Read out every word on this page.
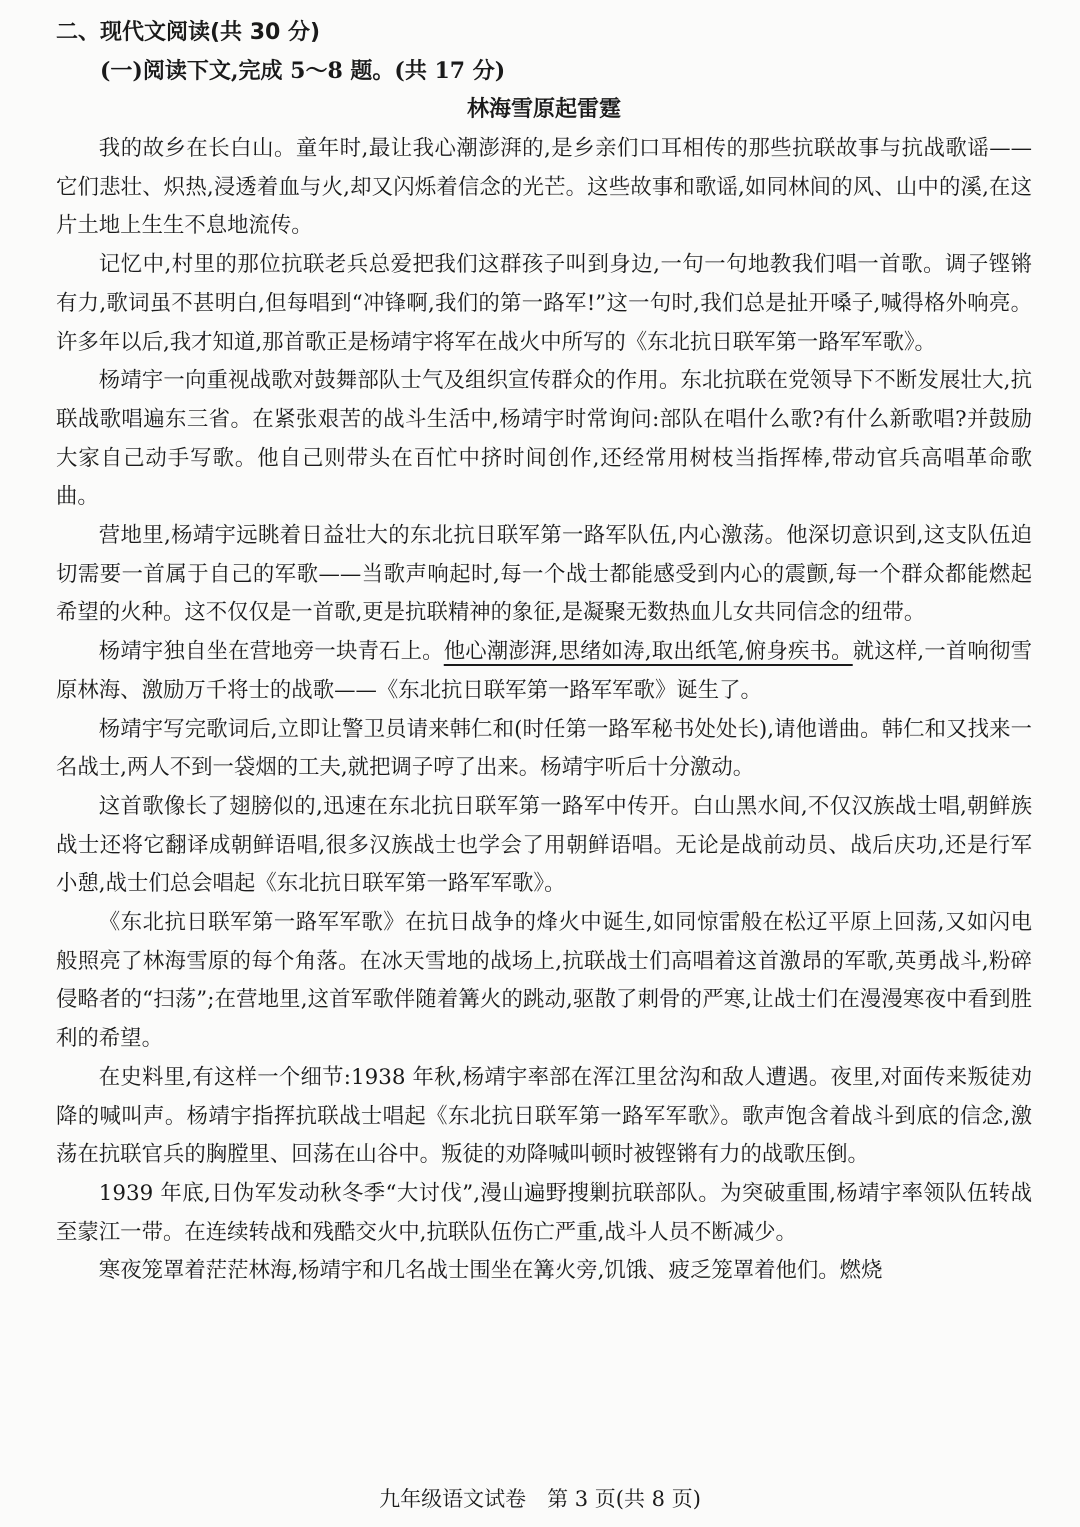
二、现代文阅读(共 30 分)

(一)阅读下文,完成 5～8 题。(共 17 分)

林海雪原起雷霆

我的故乡在长白山。童年时,最让我心潮澎湃的,是乡亲们口耳相传的那些抗联故事与抗战歌谣——它们悲壮、炽热,浸透着血与火,却又闪烁着信念的光芒。这些故事和歌谣,如同林间的风、山中的溪,在这片土地上生生不息地流传。

记忆中,村里的那位抗联老兵总爱把我们这群孩子叫到身边,一句一句地教我们唱一首歌。调子铿锵有力,歌词虽不甚明白,但每唱到“冲锋啊,我们的第一路军!”这一句时,我们总是扯开嗓子,喊得格外响亮。许多年以后,我才知道,那首歌正是杨靖宇将军在战火中所写的《东北抗日联军第一路军军歌》。

杨靖宇一向重视战歌对鼓舞部队士气及组织宣传群众的作用。东北抗联在党领导下不断发展壮大,抗联战歌唱遍东三省。在紧张艰苦的战斗生活中,杨靖宇时常询问:部队在唱什么歌?有什么新歌唱?并鼓励大家自己动手写歌。他自己则带头在百忙中挤时间创作,还经常用树枝当指挥棒,带动官兵高唱革命歌曲。

营地里,杨靖宇远眺着日益壮大的东北抗日联军第一路军队伍,内心激荡。他深切意识到,这支队伍迫切需要一首属于自己的军歌——当歌声响起时,每一个战士都能感受到内心的震颤,每一个群众都能燃起希望的火种。这不仅仅是一首歌,更是抗联精神的象征,是凝聚无数热血儿女共同信念的纽带。

杨靖宇独自坐在营地旁一块青石上。他心潮澎湃,思绪如涛,取出纸笔,俯身疾书。就这样,一首响彻雪原林海、激励万千将士的战歌——《东北抗日联军第一路军军歌》诞生了。

杨靖宇写完歌词后,立即让警卫员请来韩仁和(时任第一路军秘书处处长),请他谱曲。韩仁和又找来一名战士,两人不到一袋烟的工夫,就把调子哼了出来。杨靖宇听后十分激动。

这首歌像长了翅膀似的,迅速在东北抗日联军第一路军中传开。白山黑水间,不仅汉族战士唱,朝鲜族战士还将它翻译成朝鲜语唱,很多汉族战士也学会了用朝鲜语唱。无论是战前动员、战后庆功,还是行军小憩,战士们总会唱起《东北抗日联军第一路军军歌》。

《东北抗日联军第一路军军歌》在抗日战争的烽火中诞生,如同惊雷般在松辽平原上回荡,又如闪电般照亮了林海雪原的每个角落。在冰天雪地的战场上,抗联战士们高唱着这首激昂的军歌,英勇战斗,粉碎侵略者的“扫荡”;在营地里,这首军歌伴随着篝火的跳动,驱散了刺骨的严寒,让战士们在漫漫寒夜中看到胜利的希望。

在史料里,有这样一个细节:1938 年秋,杨靖宇率部在浑江里岔沟和敌人遭遇。夜里,对面传来叛徒劝降的喊叫声。杨靖宇指挥抗联战士唱起《东北抗日联军第一路军军歌》。歌声饱含着战斗到底的信念,激荡在抗联官兵的胸膛里、回荡在山谷中。叛徒的劝降喊叫顿时被铿锵有力的战歌压倒。

1939 年底,日伪军发动秋冬季“大讨伐”,漫山遍野搜剿抗联部队。为突破重围,杨靖宇率领队伍转战至蒙江一带。在连续转战和残酷交火中,抗联队伍伤亡严重,战斗人员不断减少。

寒夜笼罩着茫茫林海,杨靖宇和几名战士围坐在篝火旁,饥饿、疲乏笼罩着他们。燃烧

九年级语文试卷　第 3 页(共 8 页)
